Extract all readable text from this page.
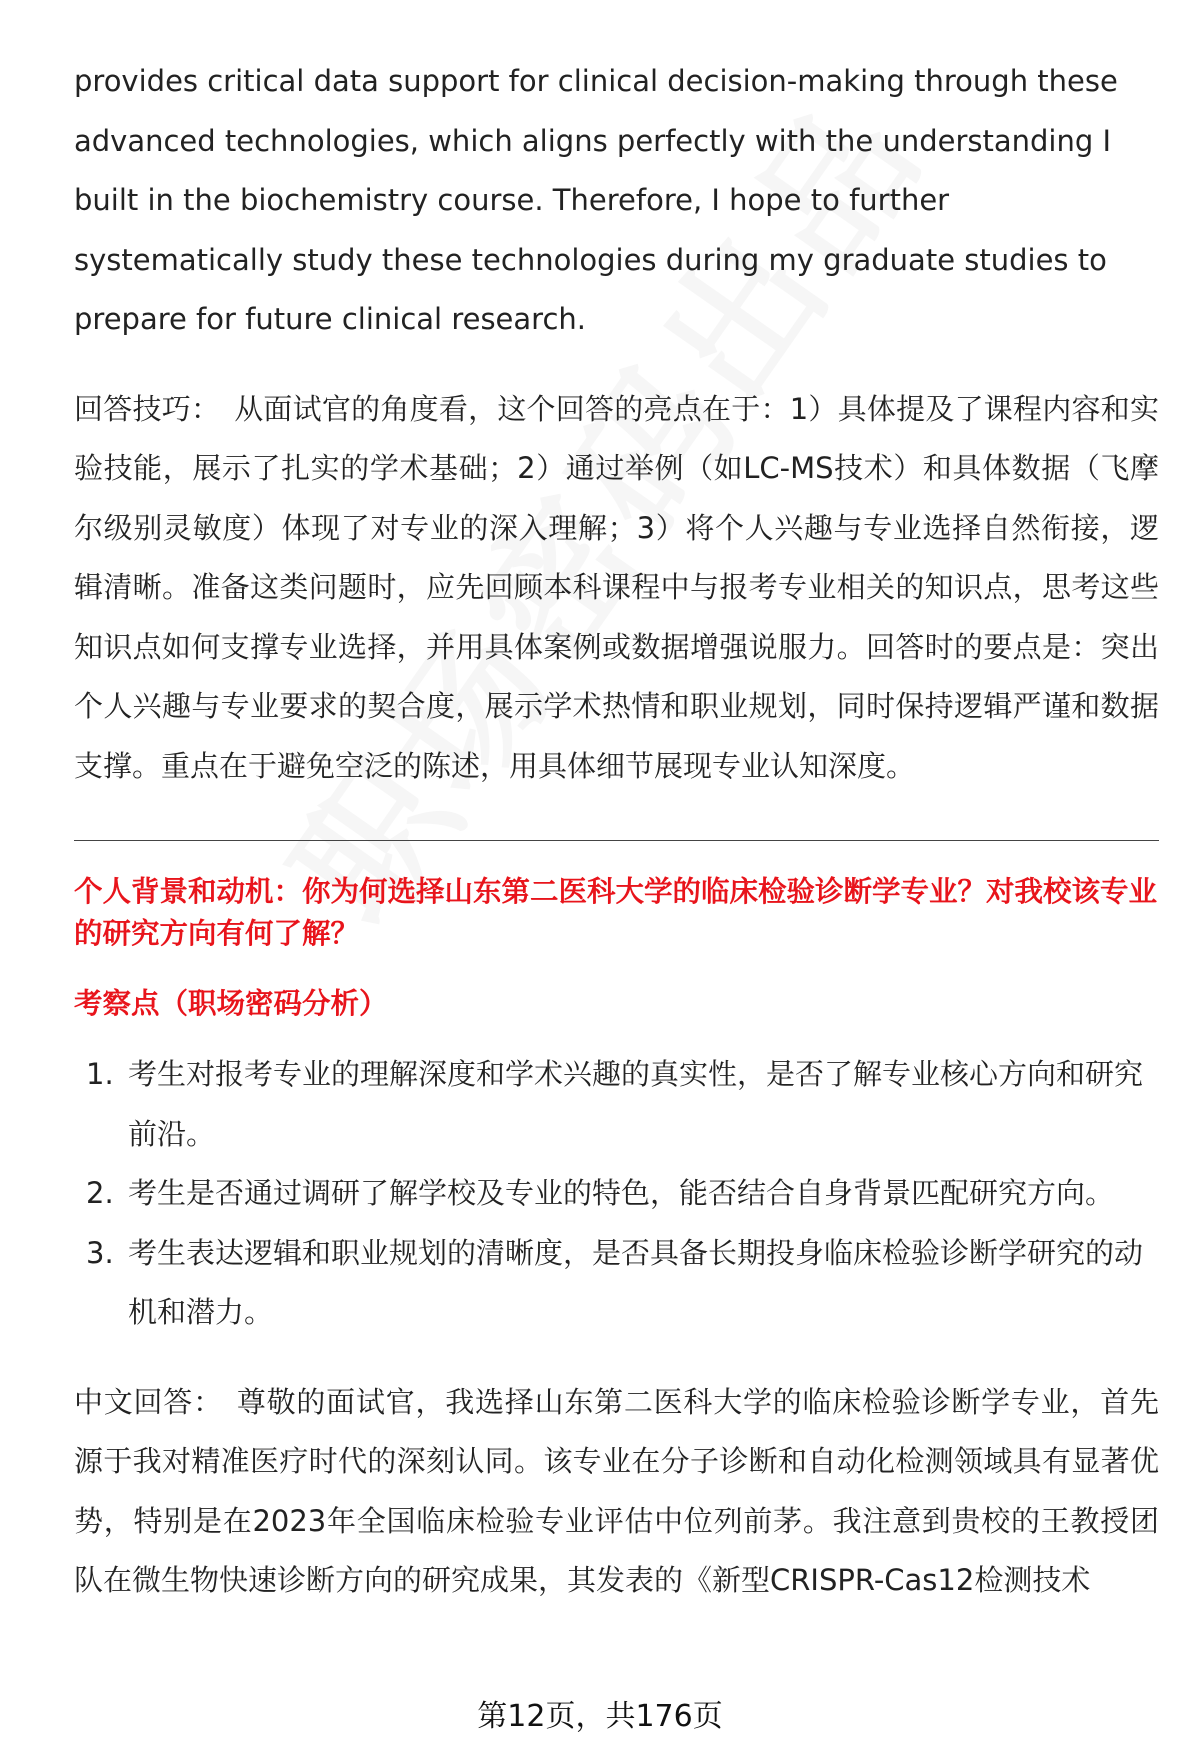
provides critical data support for clinical decision-making through these advanced technologies, which aligns perfectly with the understanding I built in the biochemistry course. Therefore, I hope to further systematically study these technologies during my graduate studies to prepare for future clinical research.

回答技巧： 从面试官的角度看，这个回答的亮点在于：1）具体提及了课程内容和实验技能，展示了扎实的学术基础；2）通过举例（如LC-MS技术）和具体数据（飞摩尔级别灵敏度）体现了对专业的深入理解；3）将个人兴趣与专业选择自然衔接，逻辑清晰。准备这类问题时，应先回顾本科课程中与报考专业相关的知识点，思考这些知识点如何支撑专业选择，并用具体案例或数据增强说服力。回答时的要点是：突出个人兴趣与专业要求的契合度，展示学术热情和职业规划，同时保持逻辑严谨和数据支撑。重点在于避免空泛的陈述，用具体细节展现专业认知深度。

个人背景和动机：你为何选择山东第二医科大学的临床检验诊断学专业？对我校该专业的研究方向有何了解？

考察点（职场密码分析）

1. 考生对报考专业的理解深度和学术兴趣的真实性，是否了解专业核心方向和研究前沿。
2. 考生是否通过调研了解学校及专业的特色，能否结合自身背景匹配研究方向。
3. 考生表达逻辑和职业规划的清晰度，是否具备长期投身临床检验诊断学研究的动机和潜力。

中文回答： 尊敬的面试官，我选择山东第二医科大学的临床检验诊断学专业，首先源于我对精准医疗时代的深刻认同。该专业在分子诊断和自动化检测领域具有显著优势，特别是在2023年全国临床检验专业评估中位列前茅。我注意到贵校的王教授团队在微生物快速诊断方向的研究成果，其发表的《新型CRISPR-Cas12检测技术

第12页，共176页
